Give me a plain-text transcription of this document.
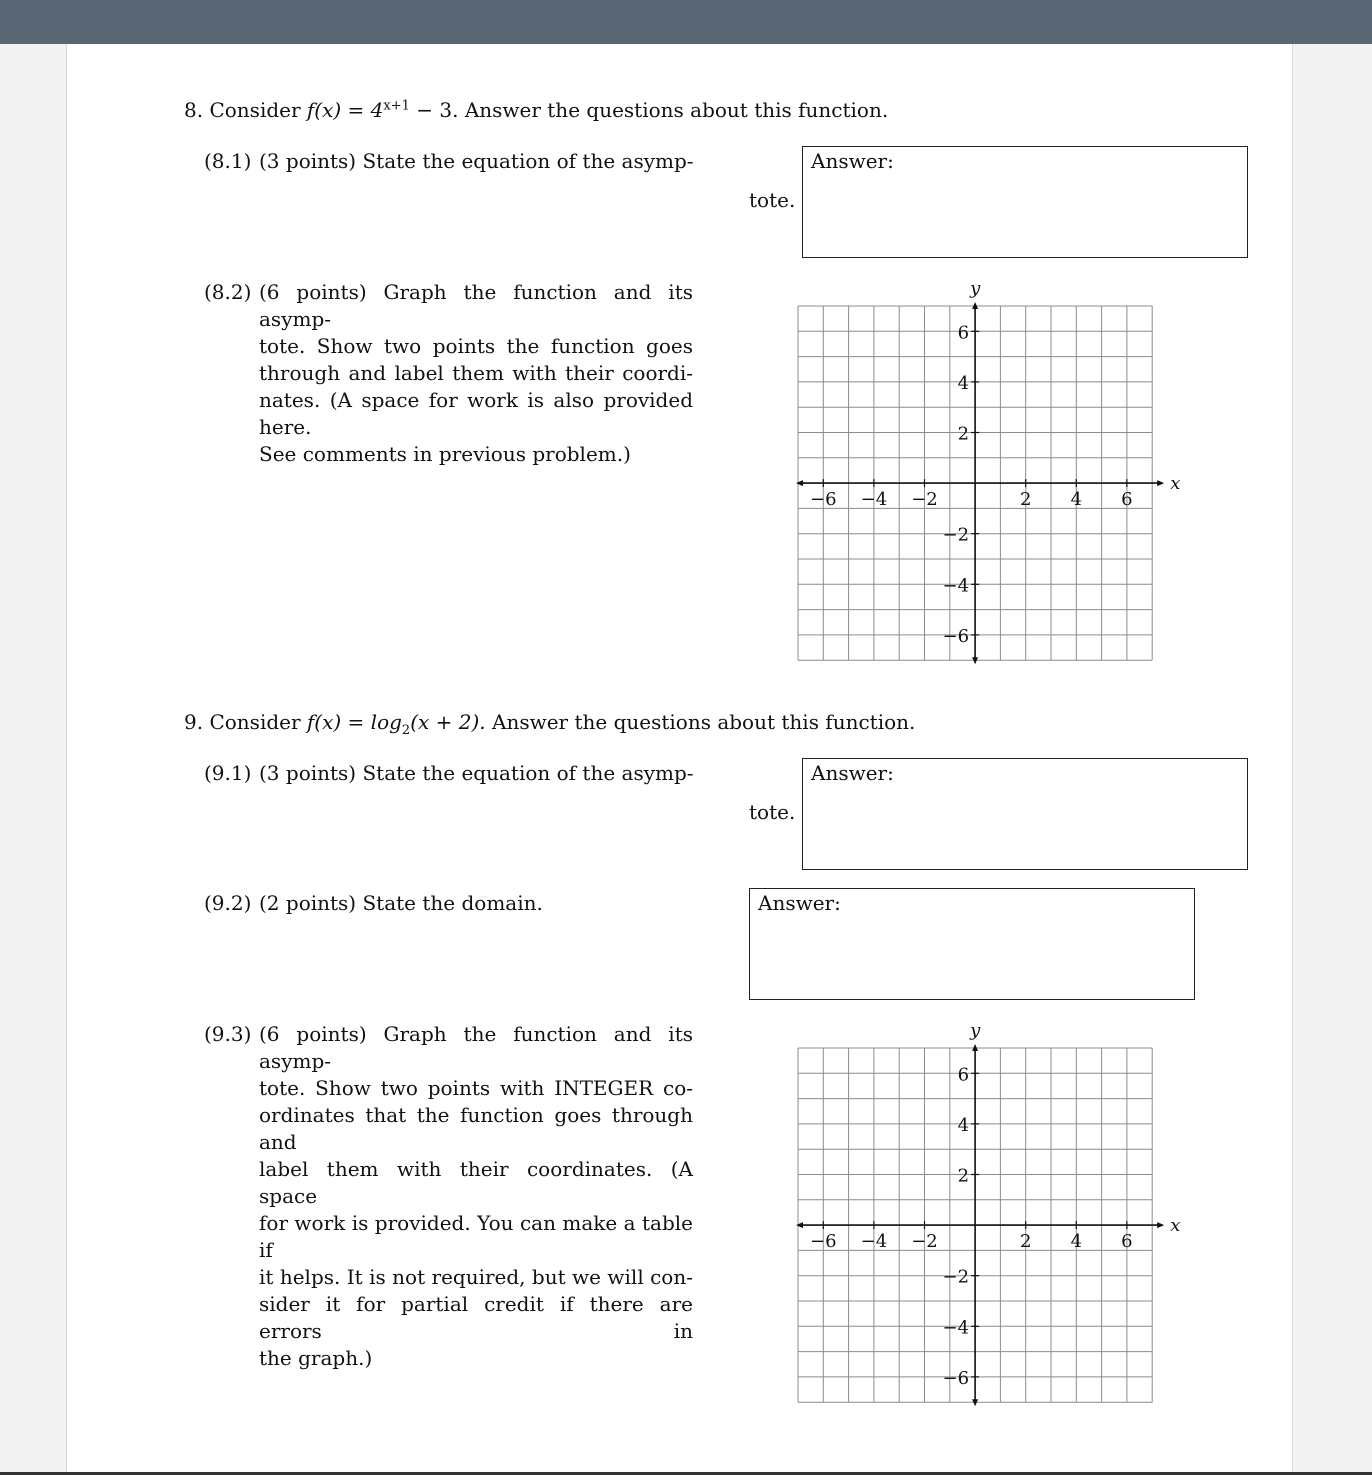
8. Consider $f(x) = 4^{x+1} - 3$. Answer the questions about this function.
(8.1) (3 points) State the equation of the asymp-
tote.
Answer:
(8.2) (6 points) Graph the function and its asymp-
tote. Show two points the function goes
through and label them with their coordi-
nates. (A space for work is also provided here.
See comments in previous problem.)
x
y
−6 −4 −2	2 4 6
6
4
2
−2
−4
−6
9. Consider $f(x) = \log_2(x + 2)$. Answer the questions about this function.
(9.1) (3 points) State the equation of the asymp-
tote.
Answer:
(9.2) (2 points) State the domain.	Answer:
(9.3) (6 points) Graph the function and its asymp-
tote. Show two points with INTEGER co-
ordinates that the function goes through and
label them with their coordinates. (A space
for work is provided. You can make a table if
it helps. It is not required, but we will con-
sider it for partial credit if there are errors in
the graph.)
x
y
−6 −4 −2	2 4 6
6
4
2
−2
−4
−6
